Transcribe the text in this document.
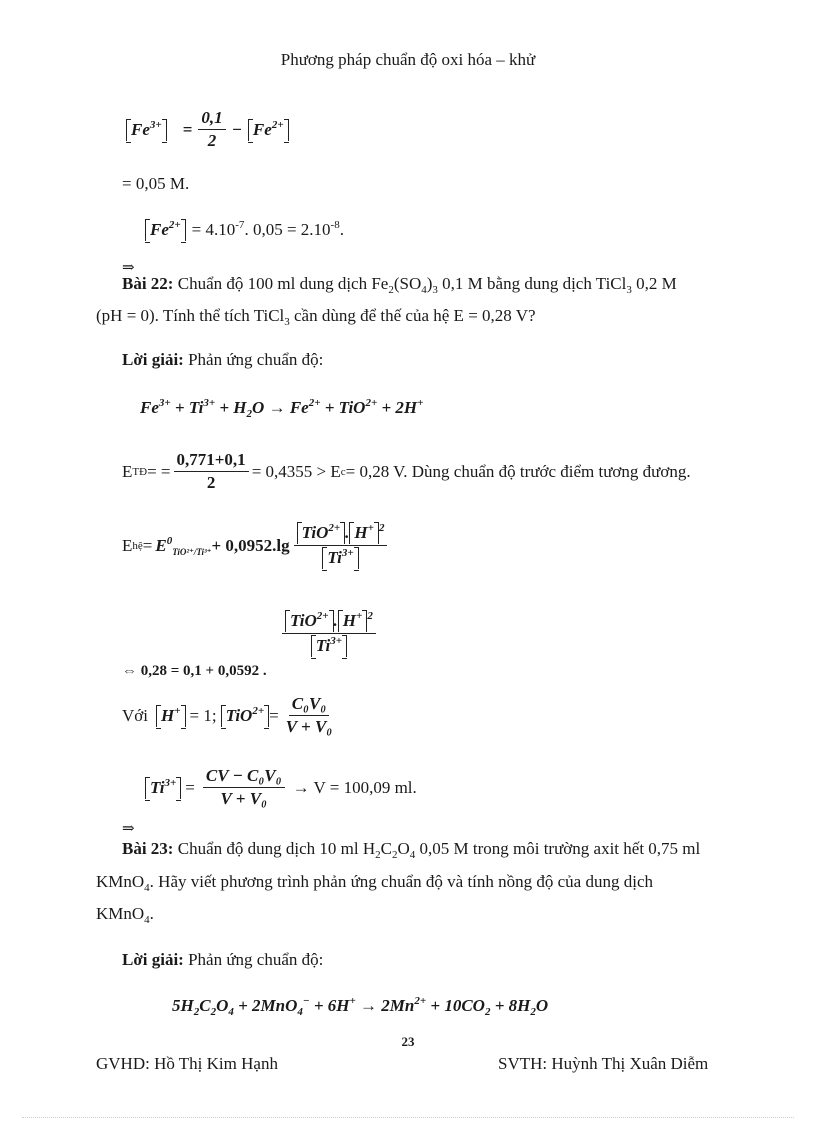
Phương pháp chuẩn độ oxi hóa – khử
$Fe^{3+} = \frac{0,1}{2} - Fe^{2+}$
= 0,05 M.
$Fe^{2+} = 4.10^{-7}$. $0,05 = 2.10^{-8}$.
⇒
Bài 22: Chuẩn độ 100 ml dung dịch $Fe_2(SO_4)_3$ 0,1 M bằng dung dịch TiCl$_3$ 0,2 M
(pH = 0). Tính thể tích TiCl$_3$ cần dùng để thế của hệ E = 0,28 V?
Lời giải: Phản ứng chuẩn độ:
$Fe^{3+} + Ti^{3+} + H_2O \to Fe^{2+} + TiO^{2+} + 2H^+$
E TĐ = = $\frac{0,771+0,1}{2} = 0,4355 > E$ c = 0,28 V. Dùng chuẩn độ trước điểm tương đương.
E hệ = $E^0_{TiO^{2+}/Ti^{3+}} + 0,0952.\lg \frac{TiO^{2+} . H^+ ^2}{Ti^{3+}}$
$\frac{TiO^{2+} . H^+ ^2}{Ti^{3+}}$
⇔ 0,28 = 0,1 + 0,0592 .
Với H+ = 1; $TiO^{2+} = \frac{\text{C₀V₀}}{\text{V + V₀}}$
$Ti^{3+} = \frac{\text{CV − C₀V₀}}{\text{V + V₀}} \to V = 100,09$ ml.
⇒
Bài 23: Chuẩn độ dung dịch 10 ml $H_2C_2O_4$ 0,05 M trong môi trường axit hết 0,75 ml
KMnO$_4$. Hãy viết phương trình phản ứng chuẩn độ và tính nồng độ của dung dịch
KMnO$_4$.
Lời giải: Phản ứng chuẩn độ:
$5H_2C_2O_4 + 2MnO_4^- + 6H^+ \to 2Mn^{2+} + 10CO_2 + 8H_2O$
23
GVHD: Hồ Thị Kim Hạnh	SVTH: Huỳnh Thị Xuân Diễm
